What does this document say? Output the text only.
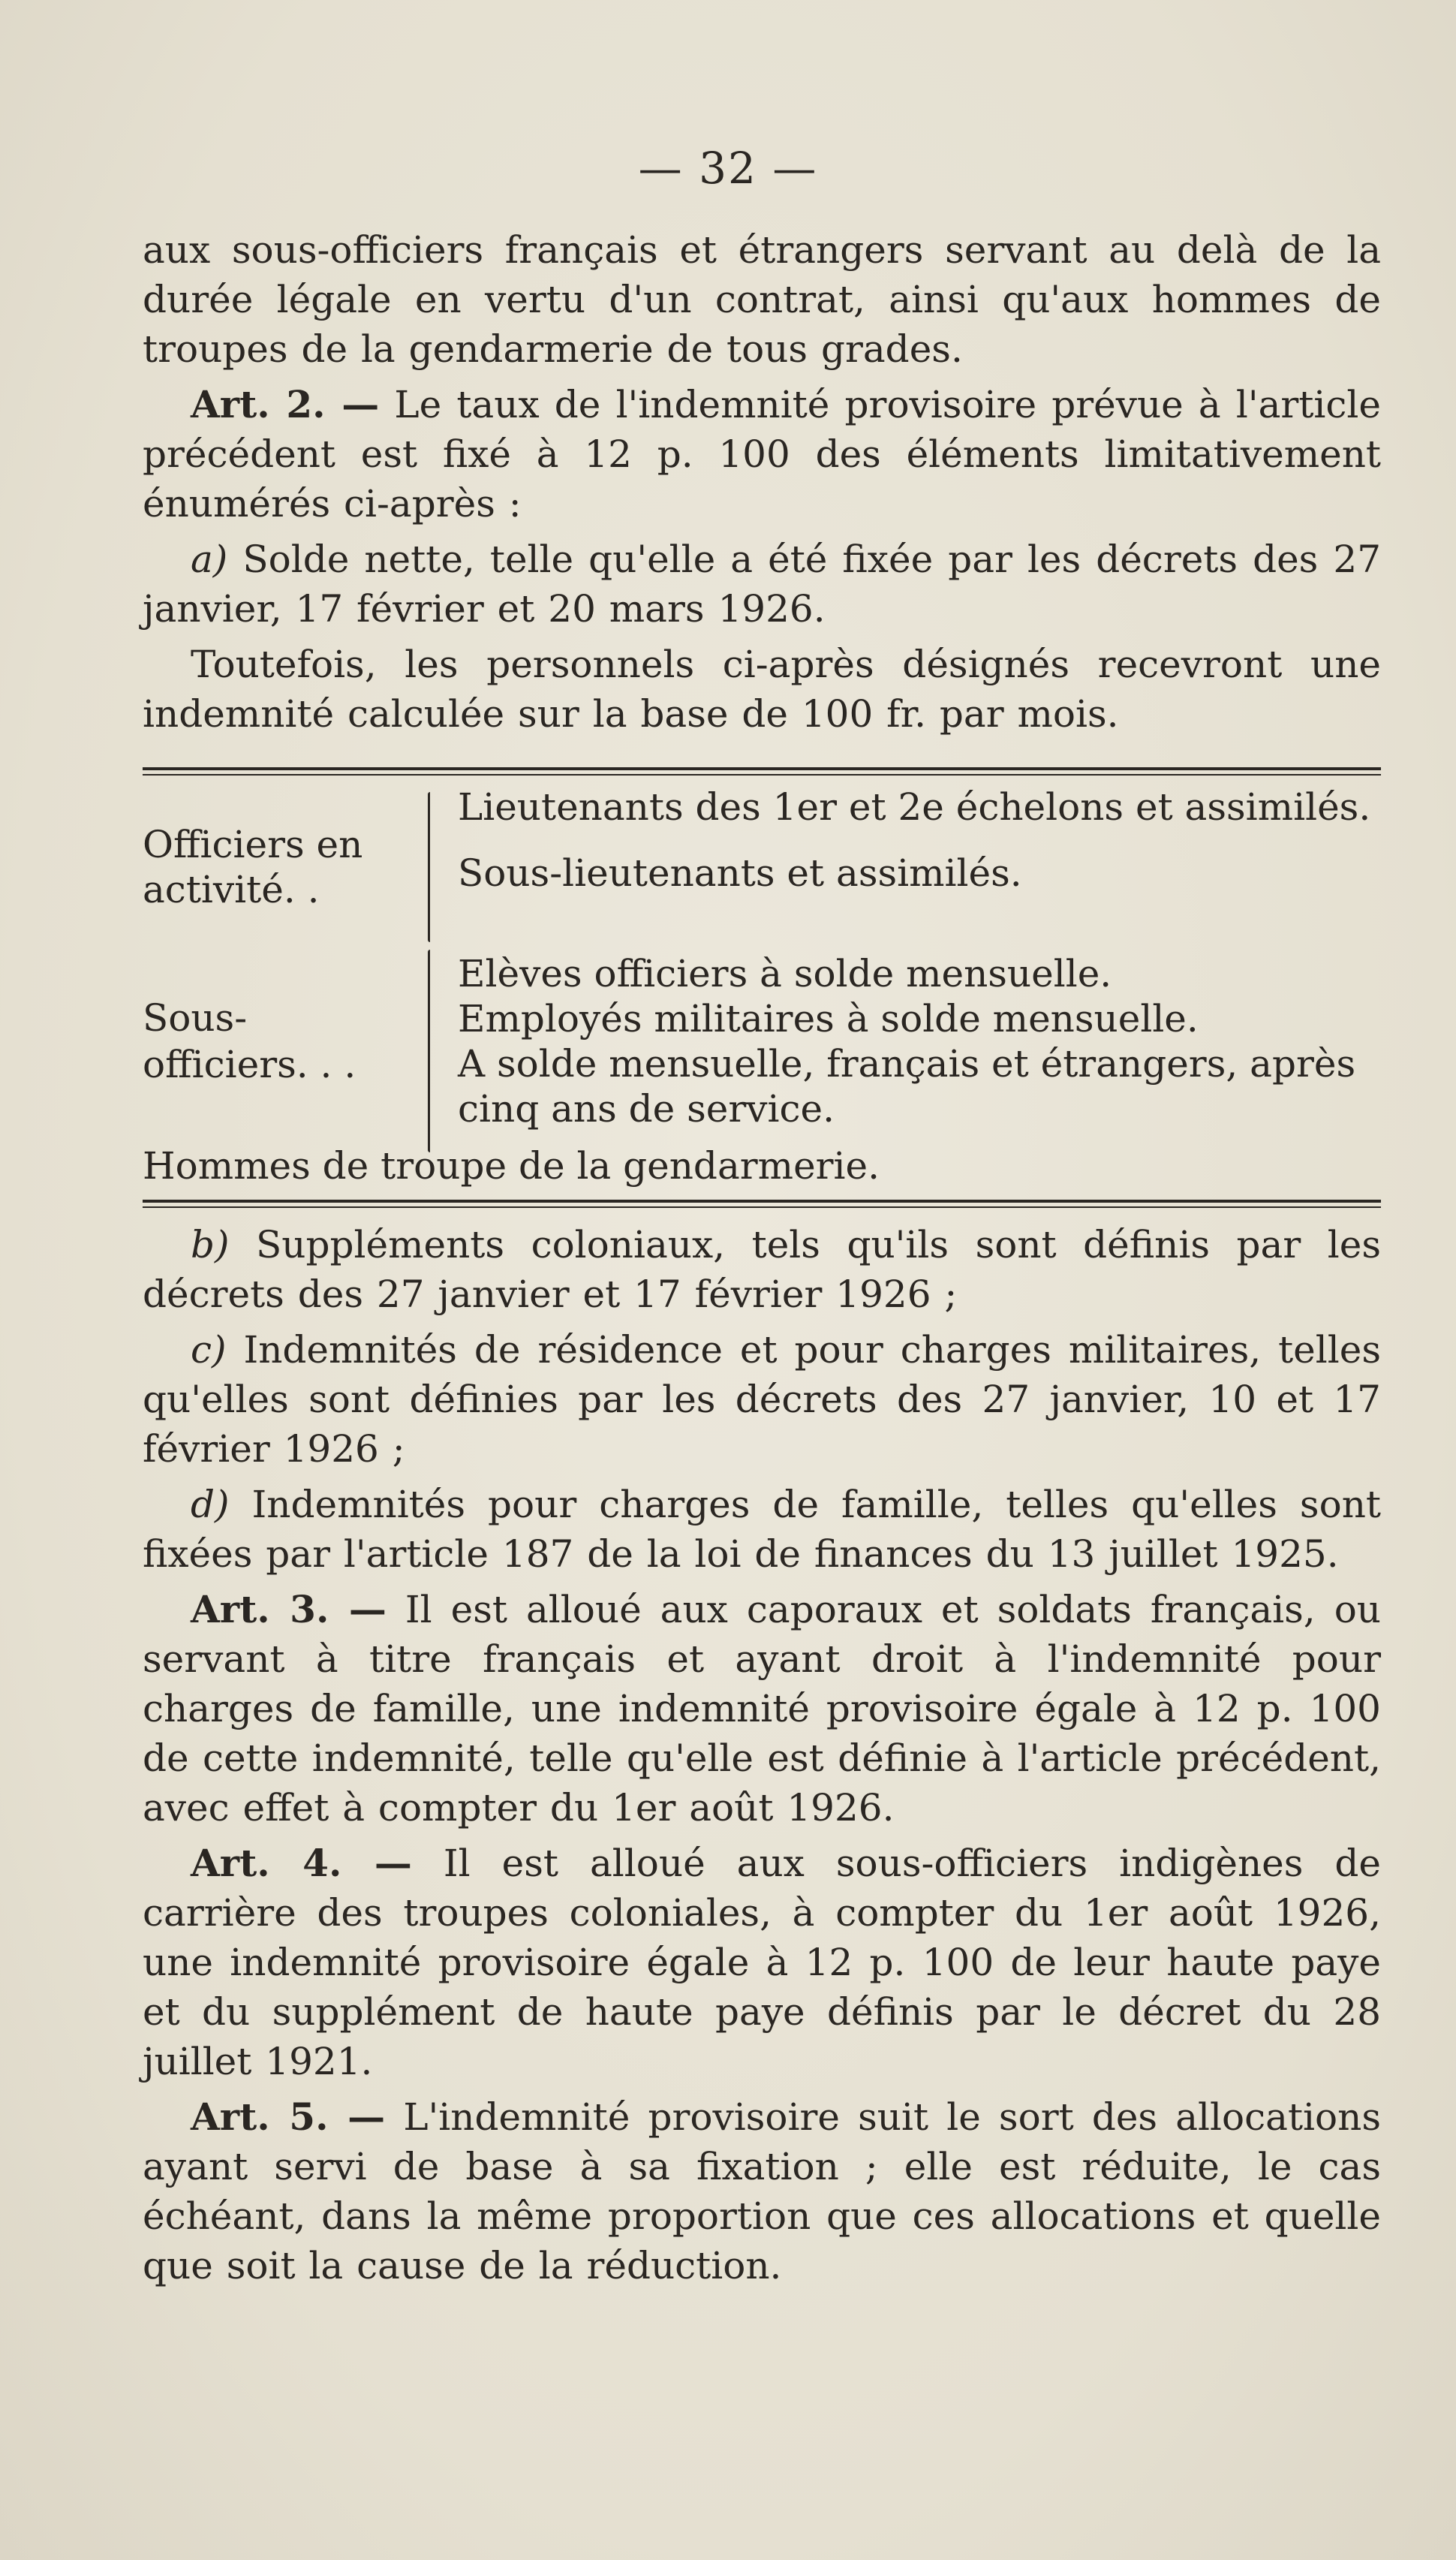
— 32 —

aux sous-officiers français et étrangers servant au delà de la durée légale en vertu d'un contrat, ainsi qu'aux hommes de troupes de la gendarmerie de tous grades.

Art. 2. — Le taux de l'indemnité provisoire prévue à l'article précédent est fixé à 12 p. 100 des éléments limitativement énumérés ci-après :

a) Solde nette, telle qu'elle a été fixée par les décrets des 27 janvier, 17 février et 20 mars 1926.

Toutefois, les personnels ci-après désignés recevront une indemnité calculée sur la base de 100 fr. par mois.

Officiers en activité. .
Lieutenants des 1er et 2e échelons et assimilés.
Sous-lieutenants et assimilés.
Sous-officiers. . .
Elèves officiers à solde mensuelle.
Employés militaires à solde mensuelle.
A solde mensuelle, français et étrangers, après cinq ans de service.
Hommes de troupe de la gendarmerie.

b) Suppléments coloniaux, tels qu'ils sont définis par les décrets des 27 janvier et 17 février 1926 ;

c) Indemnités de résidence et pour charges militaires, telles qu'elles sont définies par les décrets des 27 janvier, 10 et 17 février 1926 ;

d) Indemnités pour charges de famille, telles qu'elles sont fixées par l'article 187 de la loi de finances du 13 juillet 1925.

Art. 3. — Il est alloué aux caporaux et soldats français, ou servant à titre français et ayant droit à l'indemnité pour charges de famille, une indemnité provisoire égale à 12 p. 100 de cette indemnité, telle qu'elle est définie à l'article précédent, avec effet à compter du 1er août 1926.

Art. 4. — Il est alloué aux sous-officiers indigènes de carrière des troupes coloniales, à compter du 1er août 1926, une indemnité provisoire égale à 12 p. 100 de leur haute paye et du supplément de haute paye définis par le décret du 28 juillet 1921.

Art. 5. — L'indemnité provisoire suit le sort des allocations ayant servi de base à sa fixation ; elle est réduite, le cas échéant, dans la même proportion que ces allocations et quelle que soit la cause de la réduction.
